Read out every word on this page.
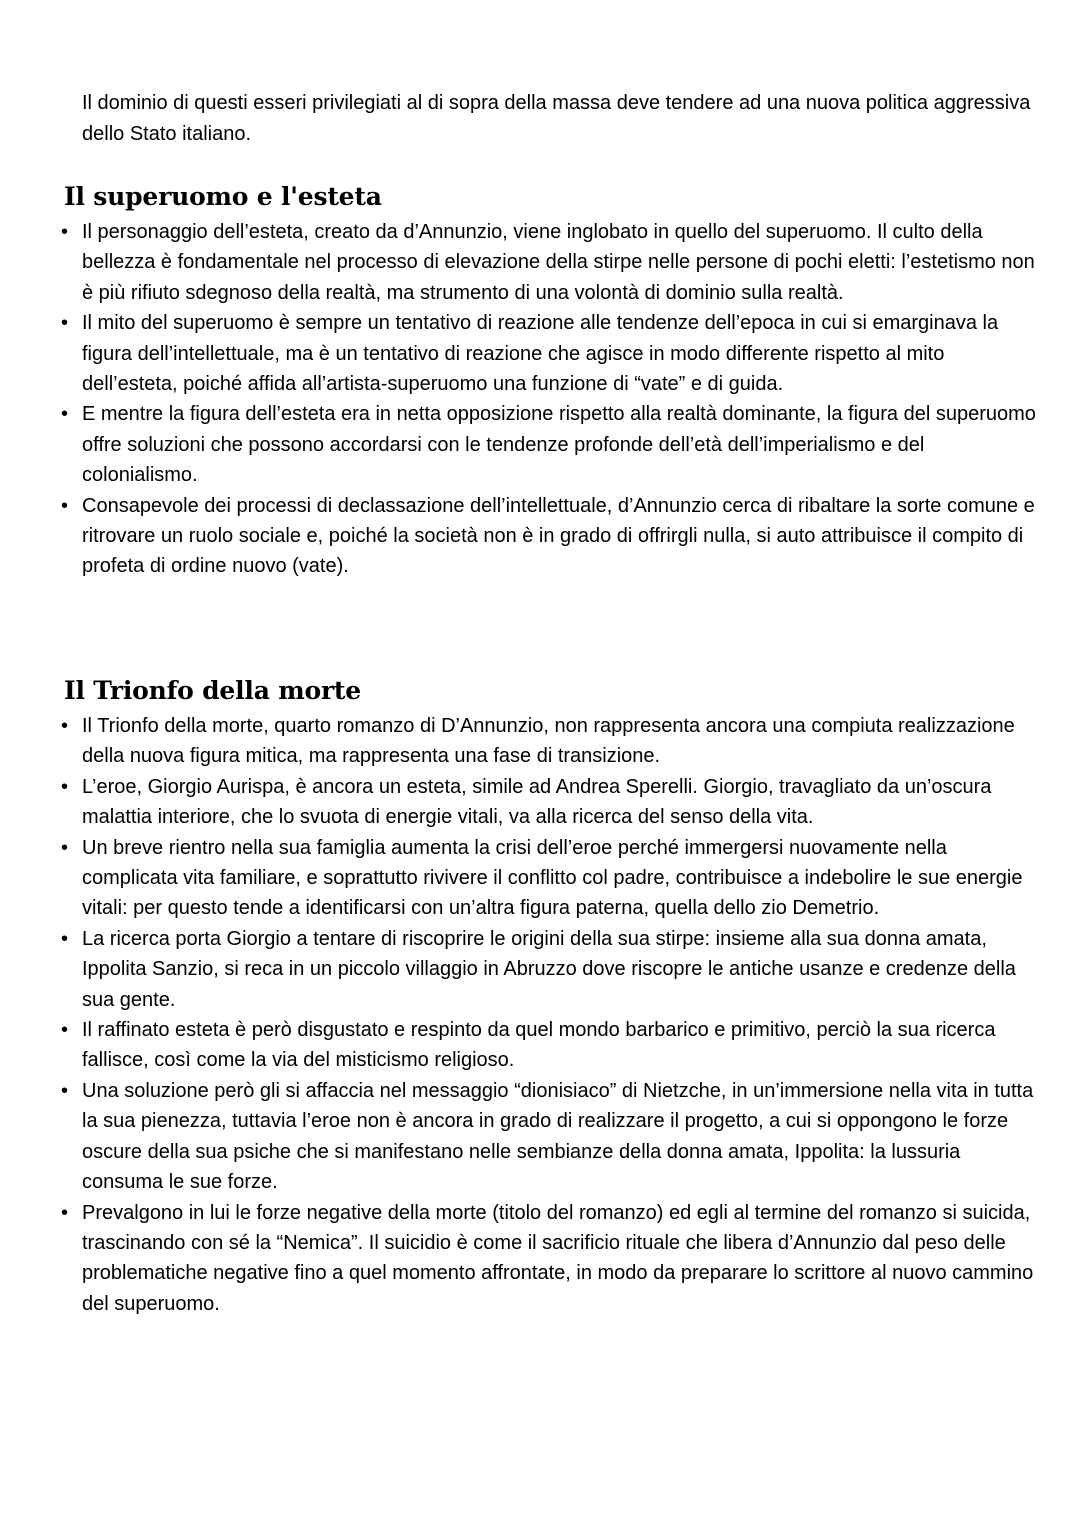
Il dominio di questi esseri privilegiati al di sopra della massa deve tendere ad una nuova politica aggressiva dello Stato italiano.

Il superuomo e l'esteta
• Il personaggio dell’esteta, creato da d’Annunzio, viene inglobato in quello del superuomo. Il culto della bellezza è fondamentale nel processo di elevazione della stirpe nelle persone di pochi eletti: l’estetismo non è più rifiuto sdegnoso della realtà, ma strumento di una volontà di dominio sulla realtà.
• Il mito del superuomo è sempre un tentativo di reazione alle tendenze dell’epoca in cui si emarginava la figura dell’intellettuale, ma è un tentativo di reazione che agisce in modo differente rispetto al mito dell’esteta, poiché affida all’artista-superuomo una funzione di “vate” e di guida.
• E mentre la figura dell’esteta era in netta opposizione rispetto alla realtà dominante, la figura del superuomo offre soluzioni che possono accordarsi con le tendenze profonde dell’età dell’imperialismo e del colonialismo.
• Consapevole dei processi di declassazione dell’intellettuale, d’Annunzio cerca di ribaltare la sorte comune e ritrovare un ruolo sociale e, poiché la società non è in grado di offrirgli nulla, si auto attribuisce il compito di profeta di ordine nuovo (vate).
Il Trionfo della morte
• Il Trionfo della morte, quarto romanzo di D’Annunzio, non rappresenta ancora una compiuta realizzazione della nuova figura mitica, ma rappresenta una fase di transizione.
• L’eroe, Giorgio Aurispa, è ancora un esteta, simile ad Andrea Sperelli. Giorgio, travagliato da un’oscura malattia interiore, che lo svuota di energie vitali, va alla ricerca del senso della vita.
• Un breve rientro nella sua famiglia aumenta la crisi dell’eroe perché immergersi nuovamente nella complicata vita familiare, e soprattutto rivivere il conflitto col padre, contribuisce a indebolire le sue energie vitali: per questo tende a identificarsi con un’altra figura paterna, quella dello zio Demetrio.
• La ricerca porta Giorgio a tentare di riscoprire le origini della sua stirpe: insieme alla sua donna amata, Ippolita Sanzio, si reca in un piccolo villaggio in Abruzzo dove riscopre le antiche usanze e credenze della sua gente.
• Il raffinato esteta è però disgustato e respinto da quel mondo barbarico e primitivo, perciò la sua ricerca fallisce, così come la via del misticismo religioso.
• Una soluzione però gli si affaccia nel messaggio “dionisiaco” di Nietzche, in un’immersione nella vita in tutta la sua pienezza, tuttavia l’eroe non è ancora in grado di realizzare il progetto, a cui si oppongono le forze oscure della sua psiche che si manifestano nelle sembianze della donna amata, Ippolita: la lussuria consuma le sue forze.
• Prevalgono in lui le forze negative della morte (titolo del romanzo) ed egli al termine del romanzo si suicida, trascinando con sé la “Nemica”. Il suicidio è come il sacrificio rituale che libera d’Annunzio dal peso delle problematiche negative fino a quel momento affrontate, in modo da preparare lo scrittore al nuovo cammino del superuomo.
